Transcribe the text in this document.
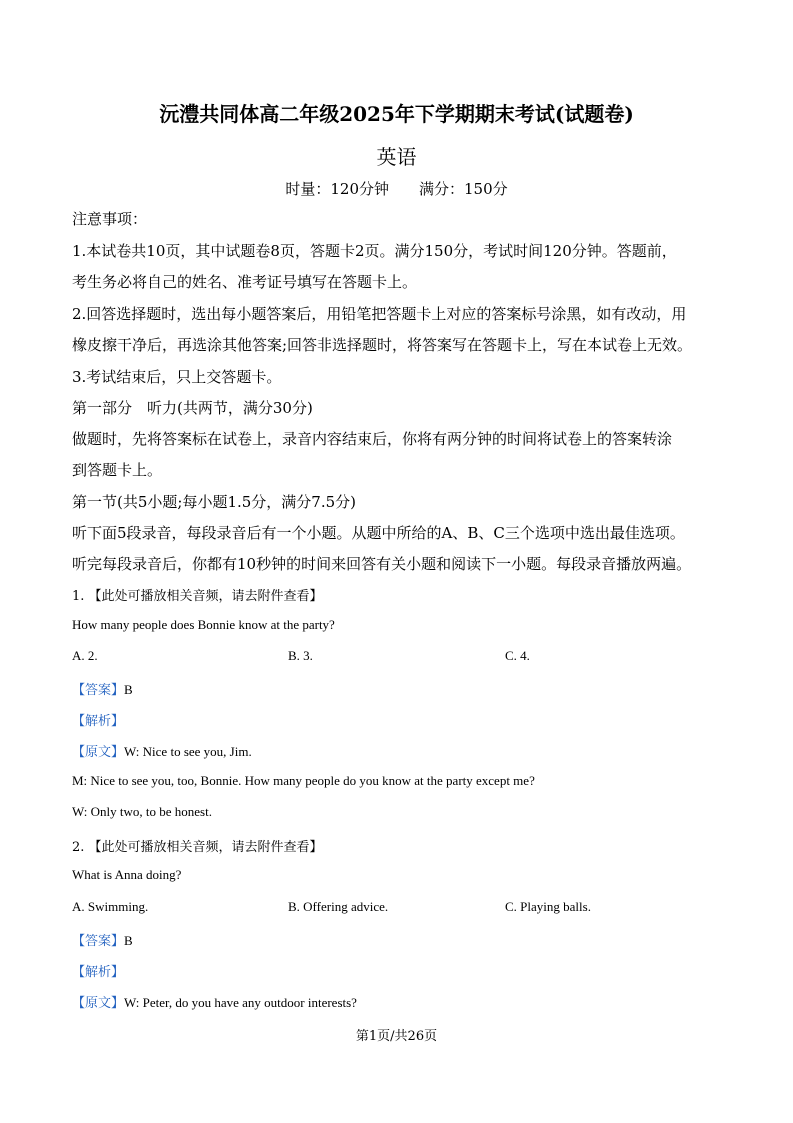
沅澧共同体高二年级2025年下学期期末考试(试题卷)
英语
时量：120分钟 满分：150分
注意事项：
1.本试卷共10页，其中试题卷8页，答题卡2页。满分150分，考试时间120分钟。答题前，
考生务必将自己的姓名、准考证号填写在答题卡上。
2.回答选择题时，选出每小题答案后，用铅笔把答题卡上对应的答案标号涂黑，如有改动，用
橡皮擦干净后，再选涂其他答案;回答非选择题时，将答案写在答题卡上，写在本试卷上无效。
3.考试结束后，只上交答题卡。
第一部分　听力(共两节，满分30分)
做题时，先将答案标在试卷上，录音内容结束后，你将有两分钟的时间将试卷上的答案转涂
到答题卡上。
第一节(共5小题;每小题1.5分，满分7.5分)
听下面5段录音，每段录音后有一个小题。从题中所给的A、B、C三个选项中选出最佳选项。
听完每段录音后，你都有10秒钟的时间来回答有关小题和阅读下一小题。每段录音播放两遍。
1. 【此处可播放相关音频，请去附件查看】
How many people does Bonnie know at the party?
A. 2.	B. 3.	C. 4.
【答案】B
【解析】
【原文】W: Nice to see you, Jim.
M: Nice to see you, too, Bonnie. How many people do you know at the party except me?
W: Only two, to be honest.
2. 【此处可播放相关音频，请去附件查看】
What is Anna doing?
A. Swimming.	B. Offering advice.	C. Playing balls.
【答案】B
【解析】
【原文】W: Peter, do you have any outdoor interests?
第1页/共26页
